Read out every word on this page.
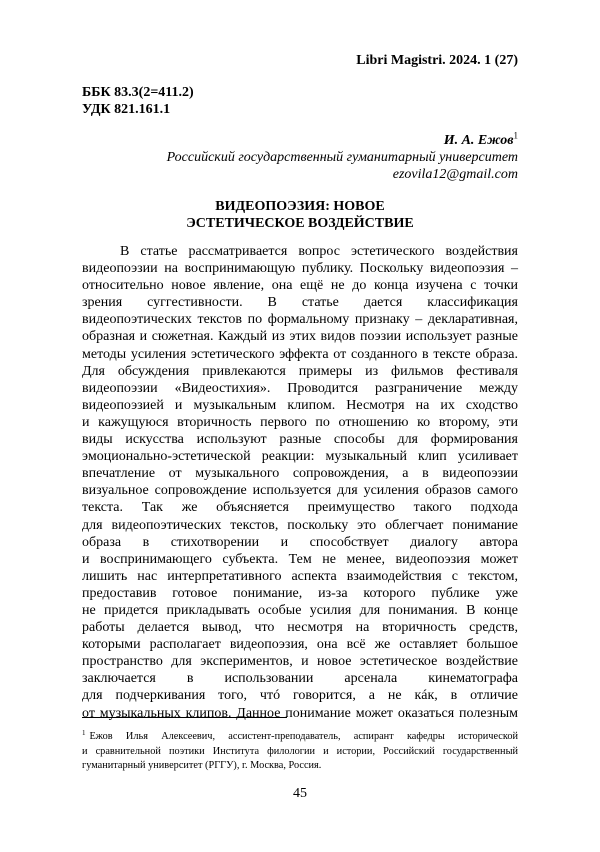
Libri Magistri. 2024. 1 (27)
ББК 83.3(2=411.2)
УДК 821.161.1
И. А. Ежов$^1$
Российский государственный гуманитарный университет
ezovila12@gmail.com
ВИДЕОПОЭЗИЯ: НОВОЕ
ЭСТЕТИЧЕСКОЕ ВОЗДЕЙСТВИЕ
В статье рассматривается вопрос эстетического воздействия
видеопоэзии на воспринимающую публику. Поскольку видеопоэзия –
относительно новое явление, она ещё не до конца изучена с точки
зрения суггестивности. В статье дается классификация
видеопоэтических текстов по формальному признаку – декларативная,
образная и сюжетная. Каждый из этих видов поэзии использует разные
методы усиления эстетического эффекта от созданного в тексте образа.
Для обсуждения привлекаются примеры из фильмов фестиваля
видеопоэзии «Видеостихия». Проводится разграничение между
видеопоэзией и музыкальным клипом. Несмотря на их сходство
и кажущуюся вторичность первого по отношению ко второму, эти
виды искусства используют разные способы для формирования
эмоционально-эстетической реакции: музыкальный клип усиливает
впечатление от музыкального сопровождения, а в видеопоэзии
визуальное сопровождение используется для усиления образов самого
текста. Так же объясняется преимущество такого подхода
для видеопоэтических текстов, поскольку это облегчает понимание
образа в стихотворении и способствует диалогу автора
и воспринимающего субъекта. Тем не менее, видеопоэзия может
лишить нас интерпретативного аспекта взаимодействия с текстом,
предоставив готовое понимание, из-за которого публике уже
не придется прикладывать особые усилия для понимания. В конце
работы делается вывод, что несмотря на вторичность средств,
которыми располагает видеопоэзия, она всё же оставляет большое
пространство для экспериментов, и новое эстетическое воздействие
заключается в использовании арсенала кинематографа
для подчеркивания того, чтó говорится, а не кáк, в отличие
от музыкальных клипов. Данное понимание может оказаться полезным
$^1$ Ежов Илья Алексеевич, ассистент-преподаватель, аспирант кафедры исторической
и сравнительной поэтики Института филологии и истории, Российский государственный
гуманитарный университет (РГГУ), г. Москва, Россия.
45
